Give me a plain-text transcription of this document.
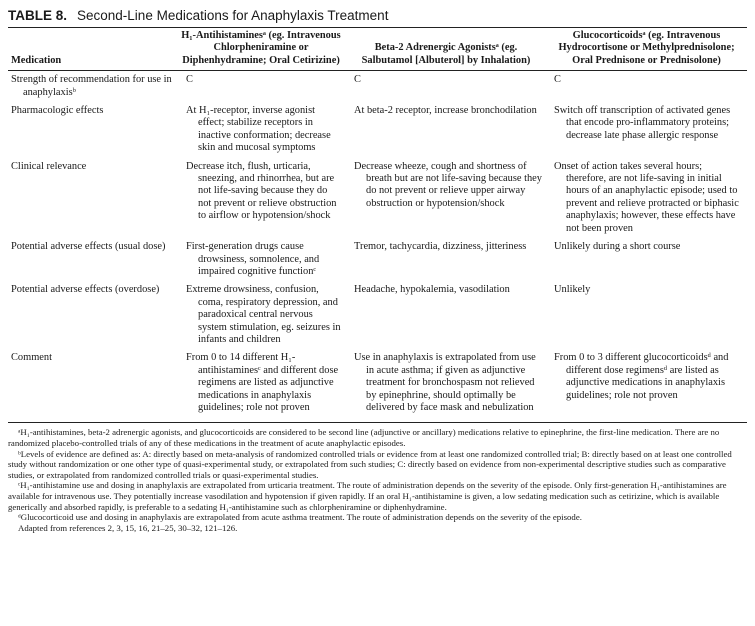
TABLE 8. Second-Line Medications for Anaphylaxis Treatment
Medication	H₁-Antihistaminesᵃ (eg. Intravenous Chlorpheniramine or Diphenhydramine; Oral Cetirizine)	Beta-2 Adrenergic Agonistsᵃ (eg. Salbutamol [Albuterol] by Inhalation)	Glucocorticoidsᵃ (eg. Intravenous Hydrocortisone or Methylprednisolone; Oral Prednisone or Prednisolone)

Strength of recommendation for use in anaphylaxisᵇ	C	C	C

Pharmacologic effects	At H₁-receptor, inverse agonist effect; stabilize receptors in inactive conformation; decrease skin and mucosal symptoms	At beta-2 receptor, increase bronchodilation	Switch off transcription of activated genes that encode pro-inflammatory proteins; decrease late phase allergic response

Clinical relevance	Decrease itch, flush, urticaria, sneezing, and rhinorrhea, but are not life-saving because they do not prevent or relieve obstruction to airflow or hypotension/shock	Decrease wheeze, cough and shortness of breath but are not life-saving because they do not prevent or relieve upper airway obstruction or hypotension/shock	Onset of action takes several hours; therefore, are not life-saving in initial hours of an anaphylactic episode; used to prevent and relieve protracted or biphasic anaphylaxis; however, these effects have not been proven

Potential adverse effects (usual dose)	First-generation drugs cause drowsiness, somnolence, and impaired cognitive functionᶜ	Tremor, tachycardia, dizziness, jitteriness	Unlikely during a short course

Potential adverse effects (overdose)	Extreme drowsiness, confusion, coma, respiratory depression, and paradoxical central nervous system stimulation, eg. seizures in infants and children	Headache, hypokalemia, vasodilation	Unlikely

Comment	From 0 to 14 different H₁-antihistaminesᶜ and different dose regimens are listed as adjunctive medications in anaphylaxis guidelines; role not proven	Use in anaphylaxis is extrapolated from use in acute asthma; if given as adjunctive treatment for bronchospasm not relieved by epinephrine, should optimally be delivered by face mask and nebulization	From 0 to 3 different glucocorticoidsᵈ and different dose regimensᵈ are listed as adjunctive medications in anaphylaxis guidelines; role not proven

ᵃH₁-antihistamines, beta-2 adrenergic agonists, and glucocorticoids are considered to be second line (adjunctive or ancillary) medications relative to epinephrine, the first-line medication. There are no randomized placebo-controlled trials of any of these medications in the treatment of acute anaphylactic episodes.

ᵇLevels of evidence are defined as: A: directly based on meta-analysis of randomized controlled trials or evidence from at least one randomized controlled trial; B: directly based on at least one controlled study without randomization or one other type of quasi-experimental study, or extrapolated from such studies; C: directly based on evidence from non-experimental descriptive studies such as comparative studies, or extrapolated from randomized controlled trials or quasi-experimental studies.

ᶜH₁-antihistamine use and dosing in anaphylaxis are extrapolated from urticaria treatment. The route of administration depends on the severity of the episode. Only first-generation H₁-antihistamines are available for intravenous use. They potentially increase vasodilation and hypotension if given rapidly. If an oral H₁-antihistamine is given, a low sedating medication such as cetirizine, which is available generically and absorbed rapidly, is preferable to a sedating H₁-antihistamine such as chlorpheniramine or diphenhydramine.

ᵈGlucocorticoid use and dosing in anaphylaxis are extrapolated from acute asthma treatment. The route of administration depends on the severity of the episode.

Adapted from references 2, 3, 15, 16, 21–25, 30–32, 121–126.
